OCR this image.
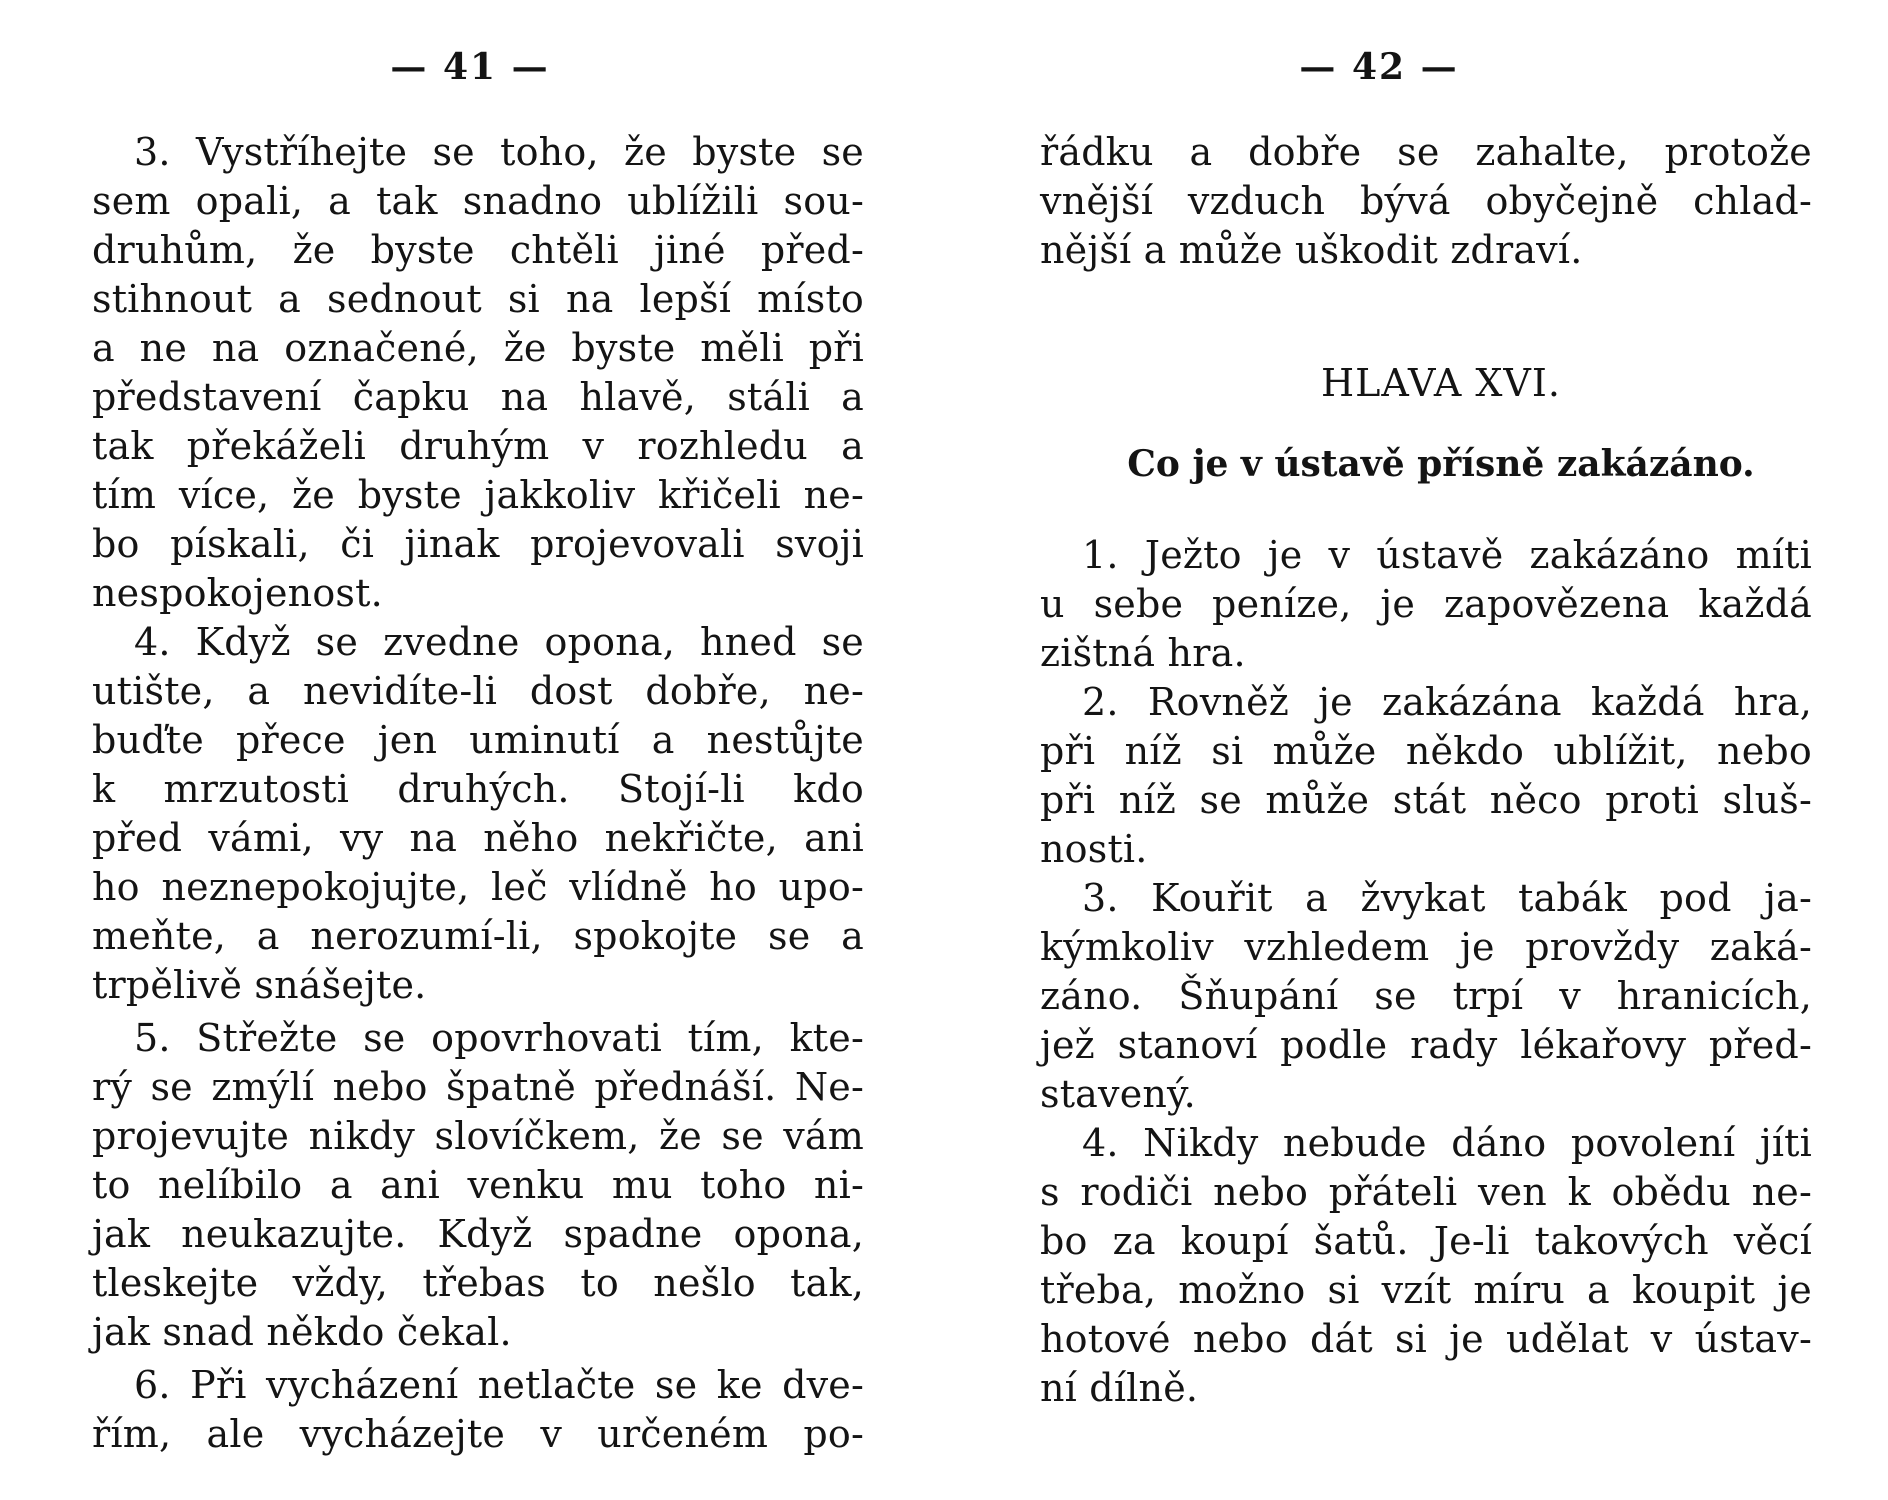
— 41 —
3. Vystříhejte se toho, že byste se
sem opali, a tak snadno ublížili sou-
druhům, že byste chtěli jiné před-
stihnout a sednout si na lepší místo
a ne na označené, že byste měli při
představení čapku na hlavě, stáli a
tak překáželi druhým v rozhledu a
tím více, že byste jakkoliv křičeli ne-
bo pískali, či jinak projevovali svoji
nespokojenost.
4. Když se zvedne opona, hned se
utište, a nevidíte-li dost dobře, ne-
buďte přece jen uminutí a nestůjte
k mrzutosti druhých. Stojí-li kdo
před vámi, vy na něho nekřičte, ani
ho neznepokojujte, leč vlídně ho upo-
meňte, a nerozumí-li, spokojte se a
trpělivě snášejte.
5. Střežte se opovrhovati tím, kte-
rý se zmýlí nebo špatně přednáší. Ne-
projevujte nikdy slovíčkem, že se vám
to nelíbilo a ani venku mu toho ni-
jak neukazujte. Když spadne opona,
tleskejte vždy, třebas to nešlo tak,
jak snad někdo čekal.
6. Při vycházení netlačte se ke dve-
řím, ale vycházejte v určeném po-
— 42 —
řádku a dobře se zahalte, protože
vnější vzduch bývá obyčejně chlad-
nější a může uškodit zdraví.
HLAVA XVI.
Co je v ústavě přísně zakázáno.
1. Ježto je v ústavě zakázáno míti
u sebe peníze, je zapovězena každá
zištná hra.
2. Rovněž je zakázána každá hra,
při níž si může někdo ublížit, nebo
při níž se může stát něco proti sluš-
nosti.
3. Kouřit a žvykat tabák pod ja-
kýmkoliv vzhledem je provždy zaká-
záno. Šňupání se trpí v hranicích,
jež stanoví podle rady lékařovy před-
stavený.
4. Nikdy nebude dáno povolení jíti
s rodiči nebo přáteli ven k obědu ne-
bo za koupí šatů. Je-li takových věcí
třeba, možno si vzít míru a koupit je
hotové nebo dát si je udělat v ústav-
ní dílně.
